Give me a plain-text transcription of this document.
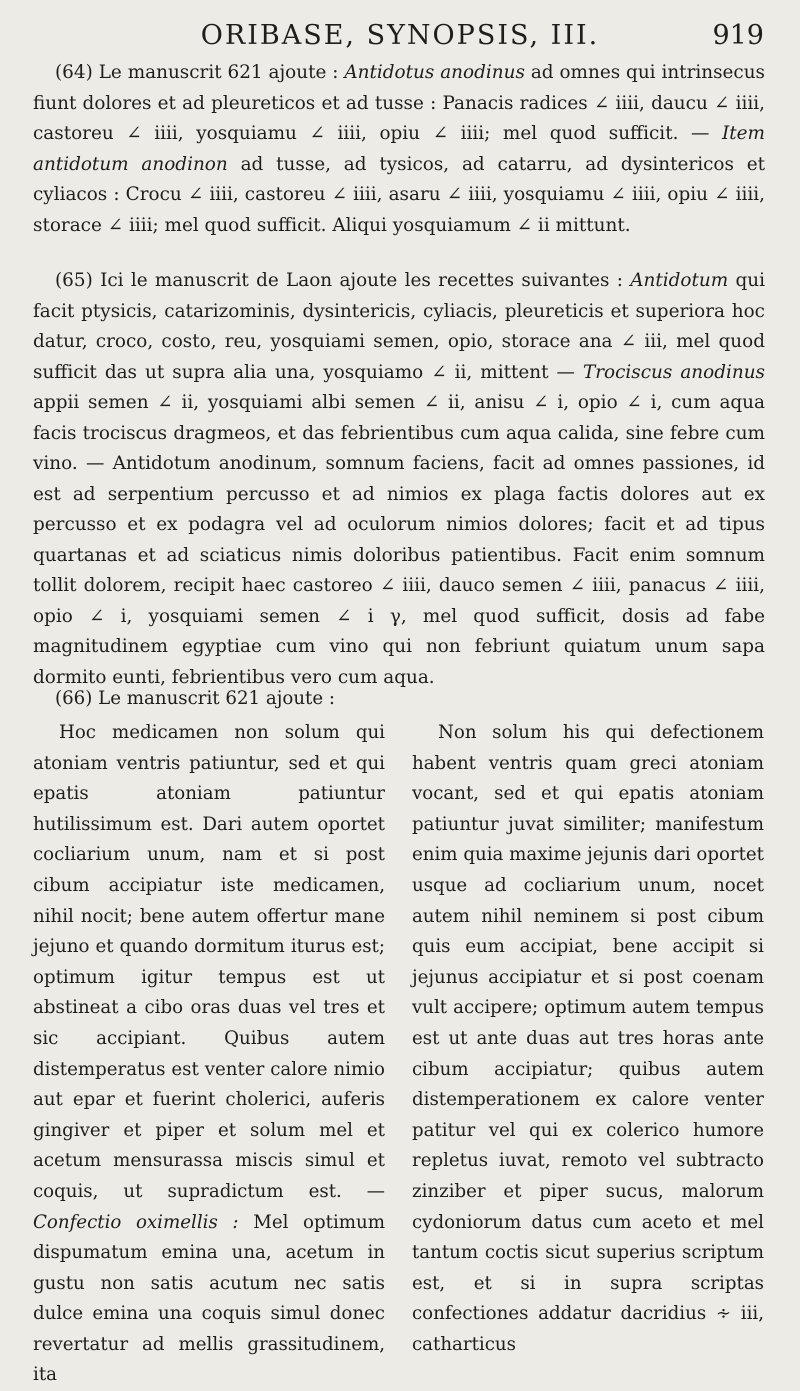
ORIBASE, SYNOPSIS, III.	919

(64) Le manuscrit 621 ajoute : Antidotus anodinus ad omnes qui intrinsecus fiunt dolores et ad pleureticos et ad tusse : Panacis radices ∠ iiii, daucu ∠ iiii, castoreu ∠ iiii, yosquiamu ∠ iiii, opiu ∠ iiii; mel quod sufficit. — Item antidotum anodinon ad tusse, ad tysicos, ad catarru, ad dysintericos et cyliacos : Crocu ∠ iiii, castoreu ∠ iiii, asaru ∠ iiii, yosquiamu ∠ iiii, opiu ∠ iiii, storace ∠ iiii; mel quod sufficit. Aliqui yosquiamum ∠ ii mittunt.

(65) Ici le manuscrit de Laon ajoute les recettes suivantes : Antidotum qui facit ptysicis, catarizominis, dysintericis, cyliacis, pleureticis et superiora hoc datur, croco, costo, reu, yosquiami semen, opio, storace ana ∠ iii, mel quod sufficit das ut supra alia una, yosquiamo ∠ ii, mittent — Trociscus anodinus appii semen ∠ ii, yosquiami albi semen ∠ ii, anisu ∠ i, opio ∠ i, cum aqua facis trociscus dragmeos, et das febrientibus cum aqua calida, sine febre cum vino. — Antidotum anodinum, somnum faciens, facit ad omnes passiones, id est ad serpentium percusso et ad nimios ex plaga factis dolores aut ex percusso et ex podagra vel ad oculorum nimios dolores; facit et ad tipus quartanas et ad sciaticus nimis doloribus patientibus. Facit enim somnum tollit dolorem, recipit haec castoreo ∠ iiii, dauco semen ∠ iiii, panacus ∠ iiii, opio ∠ i, yosquiami semen ∠ i γ, mel quod sufficit, dosis ad fabe magnitudinem egyptiae cum vino qui non febriunt quiatum unum sapa dormito eunti, febrientibus vero cum aqua.

(66) Le manuscrit 621 ajoute :

Hoc medicamen non solum qui atoniam ventris patiuntur, sed et qui epatis atoniam patiuntur hutilissimum est. Dari autem oportet cocliarium unum, nam et si post cibum accipiatur iste medicamen, nihil nocit; bene autem offertur mane jejuno et quando dormitum iturus est; optimum igitur tempus est ut abstineat a cibo oras duas vel tres et sic accipiant. Quibus autem distemperatus est venter calore nimio aut epar et fuerint cholerici, auferis gingiver et piper et solum mel et acetum mensurassa miscis simul et coquis, ut supradictum est. — Confectio oximellis : Mel optimum dispumatum emina una, acetum in gustu non satis acutum nec satis dulce emina una coquis simul donec revertatur ad mellis grassitudinem, ita

Non solum his qui defectionem habent ventris quam greci atoniam vocant, sed et qui epatis atoniam patiuntur juvat similiter; manifestum enim quia maxime jejunis dari oportet usque ad cocliarium unum, nocet autem nihil neminem si post cibum quis eum accipiat, bene accipit si jejunus accipiatur et si post coenam vult accipere; optimum autem tempus est ut ante duas aut tres horas ante cibum accipiatur; quibus autem distemperationem ex calore venter patitur vel qui ex colerico humore repletus iuvat, remoto vel subtracto zinziber et piper sucus, malorum cydoniorum datus cum aceto et mel tantum coctis sicut superius scriptum est, et si in supra scriptas confectiones addatur dacridius ∻ iii, catharticus
